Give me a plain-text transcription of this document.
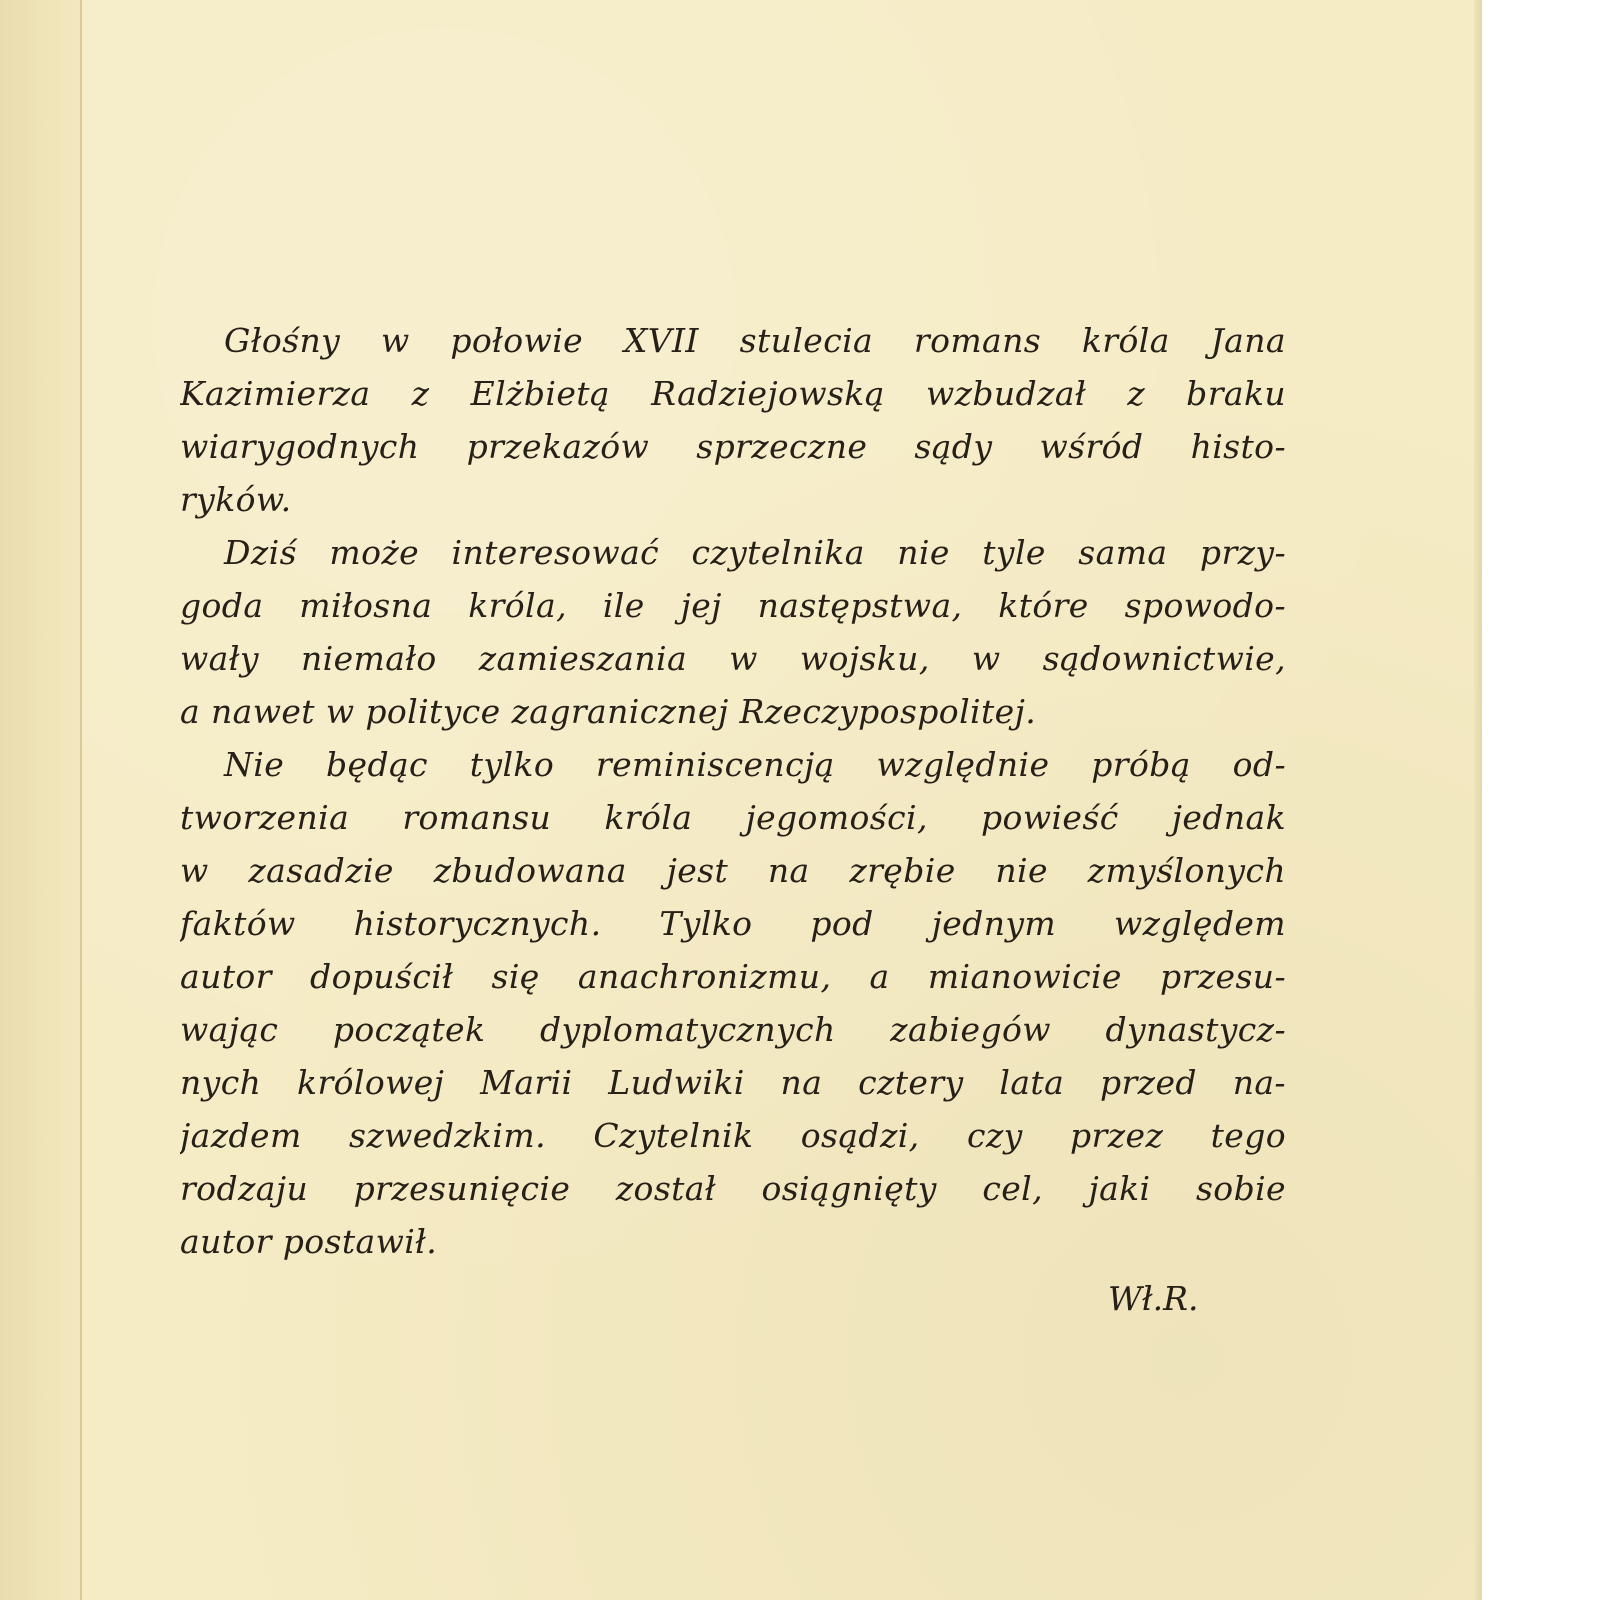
Głośny w połowie XVII stulecia romans króla Jana
Kazimierza z Elżbietą Radziejowską wzbudzał z braku
wiarygodnych przekazów sprzeczne sądy wśród histo-
ryków.
Dziś może interesować czytelnika nie tyle sama przy-
goda miłosna króla, ile jej następstwa, które spowodo-
wały niemało zamieszania w wojsku, w sądownictwie,
a nawet w polityce zagranicznej Rzeczypospolitej.
Nie będąc tylko reminiscencją względnie próbą od-
tworzenia romansu króla jegomości, powieść jednak
w zasadzie zbudowana jest na zrębie nie zmyślonych
faktów historycznych. Tylko pod jednym względem
autor dopuścił się anachronizmu, a mianowicie przesu-
wając początek dyplomatycznych zabiegów dynastycz-
nych królowej Marii Ludwiki na cztery lata przed na-
jazdem szwedzkim. Czytelnik osądzi, czy przez tego
rodzaju przesunięcie został osiągnięty cel, jaki sobie
autor postawił.
Wł.R.
